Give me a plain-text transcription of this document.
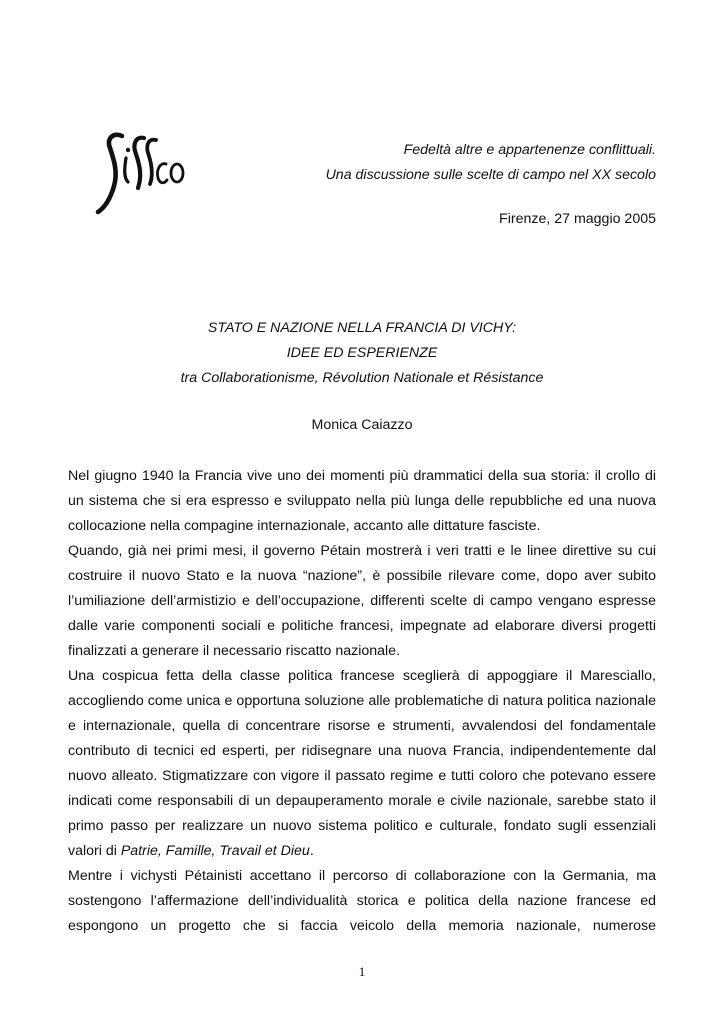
Fedeltà altre e appartenenze conflittuali.
Una discussione sulle scelte di campo nel XX secolo
Firenze, 27 maggio 2005
STATO E NAZIONE NELLA FRANCIA DI VICHY:
IDEE ED ESPERIENZE
tra Collaborationisme, Révolution Nationale et Résistance
Monica Caiazzo

Nel giugno 1940 la Francia vive uno dei momenti più drammatici della sua storia: il crollo di un sistema che si era espresso e sviluppato nella più lunga delle repubbliche ed una nuova collocazione nella compagine internazionale, accanto alle dittature fasciste.

Quando, già nei primi mesi, il governo Pétain mostrerà i veri tratti e le linee direttive su cui costruire il nuovo Stato e la nuova “nazione”, è possibile rilevare come, dopo aver subito l’umiliazione dell’armistizio e dell’occupazione, differenti scelte di campo vengano espresse dalle varie componenti sociali e politiche francesi, impegnate ad elaborare diversi progetti finalizzati a generare il necessario riscatto nazionale.

Una cospicua fetta della classe politica francese sceglierà di appoggiare il Maresciallo, accogliendo come unica e opportuna soluzione alle problematiche di natura politica nazionale e internazionale, quella di concentrare risorse e strumenti, avvalendosi del fondamentale contributo di tecnici ed esperti, per ridisegnare una nuova Francia, indipendentemente dal nuovo alleato. Stigmatizzare con vigore il passato regime e tutti coloro che potevano essere indicati come responsabili di un depauperamento morale e civile nazionale, sarebbe stato il primo passo per realizzare un nuovo sistema politico e culturale, fondato sugli essenziali valori di Patrie, Famille, Travail et Dieu.

Mentre i vichysti Pétainisti accettano il percorso di collaborazione con la Germania, ma sostengono l’affermazione dell’individualità storica e politica della nazione francese ed espongono un progetto che si faccia veicolo della memoria nazionale, numerose

1
